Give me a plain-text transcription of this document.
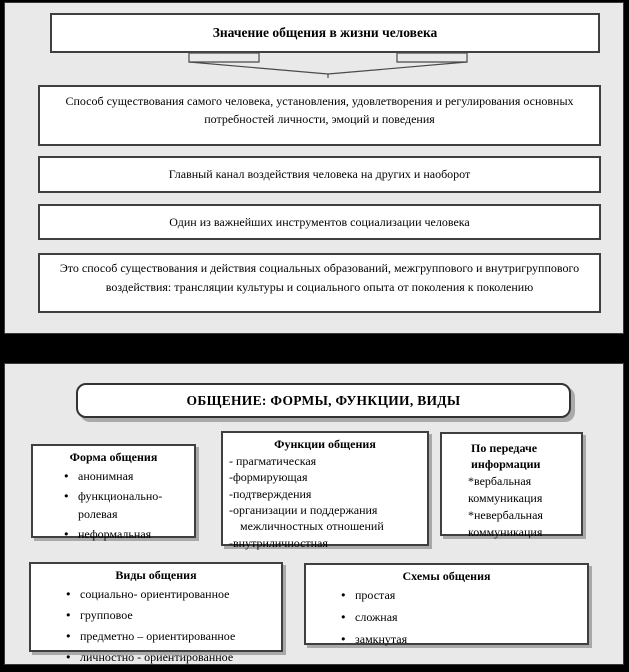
Значение общения в жизни человека
Способ существования самого человека, установления, удовлетворения и регулирования основных потребностей личности, эмоций и поведения
Главный канал воздействия человека на других и наоборот
Один из важнейших инструментов социализации человека
Это способ существования и действия социальных образований, межгруппового и внутригруппового воздействия: трансляции культуры и социального опыта от поколения к поколению
ОБЩЕНИЕ: ФОРМЫ, ФУНКЦИИ, ВИДЫ
Форма общения
●
анонимная
●
функционально-ролевая
●
неформальная
Функции общения
- прагматическая
-формирующая
-подтверждения
-организации и поддержания межличностных отношений
-внутриличностная
По передаче информации
*вербальная коммуникация
*невербальная коммуникация
Виды общения
●
социально- ориентированное
●
групповое
●
предметно – ориентированное
●
личностно - ориентированное
Схемы общения
●
простая
●
сложная
●
замкнутая
